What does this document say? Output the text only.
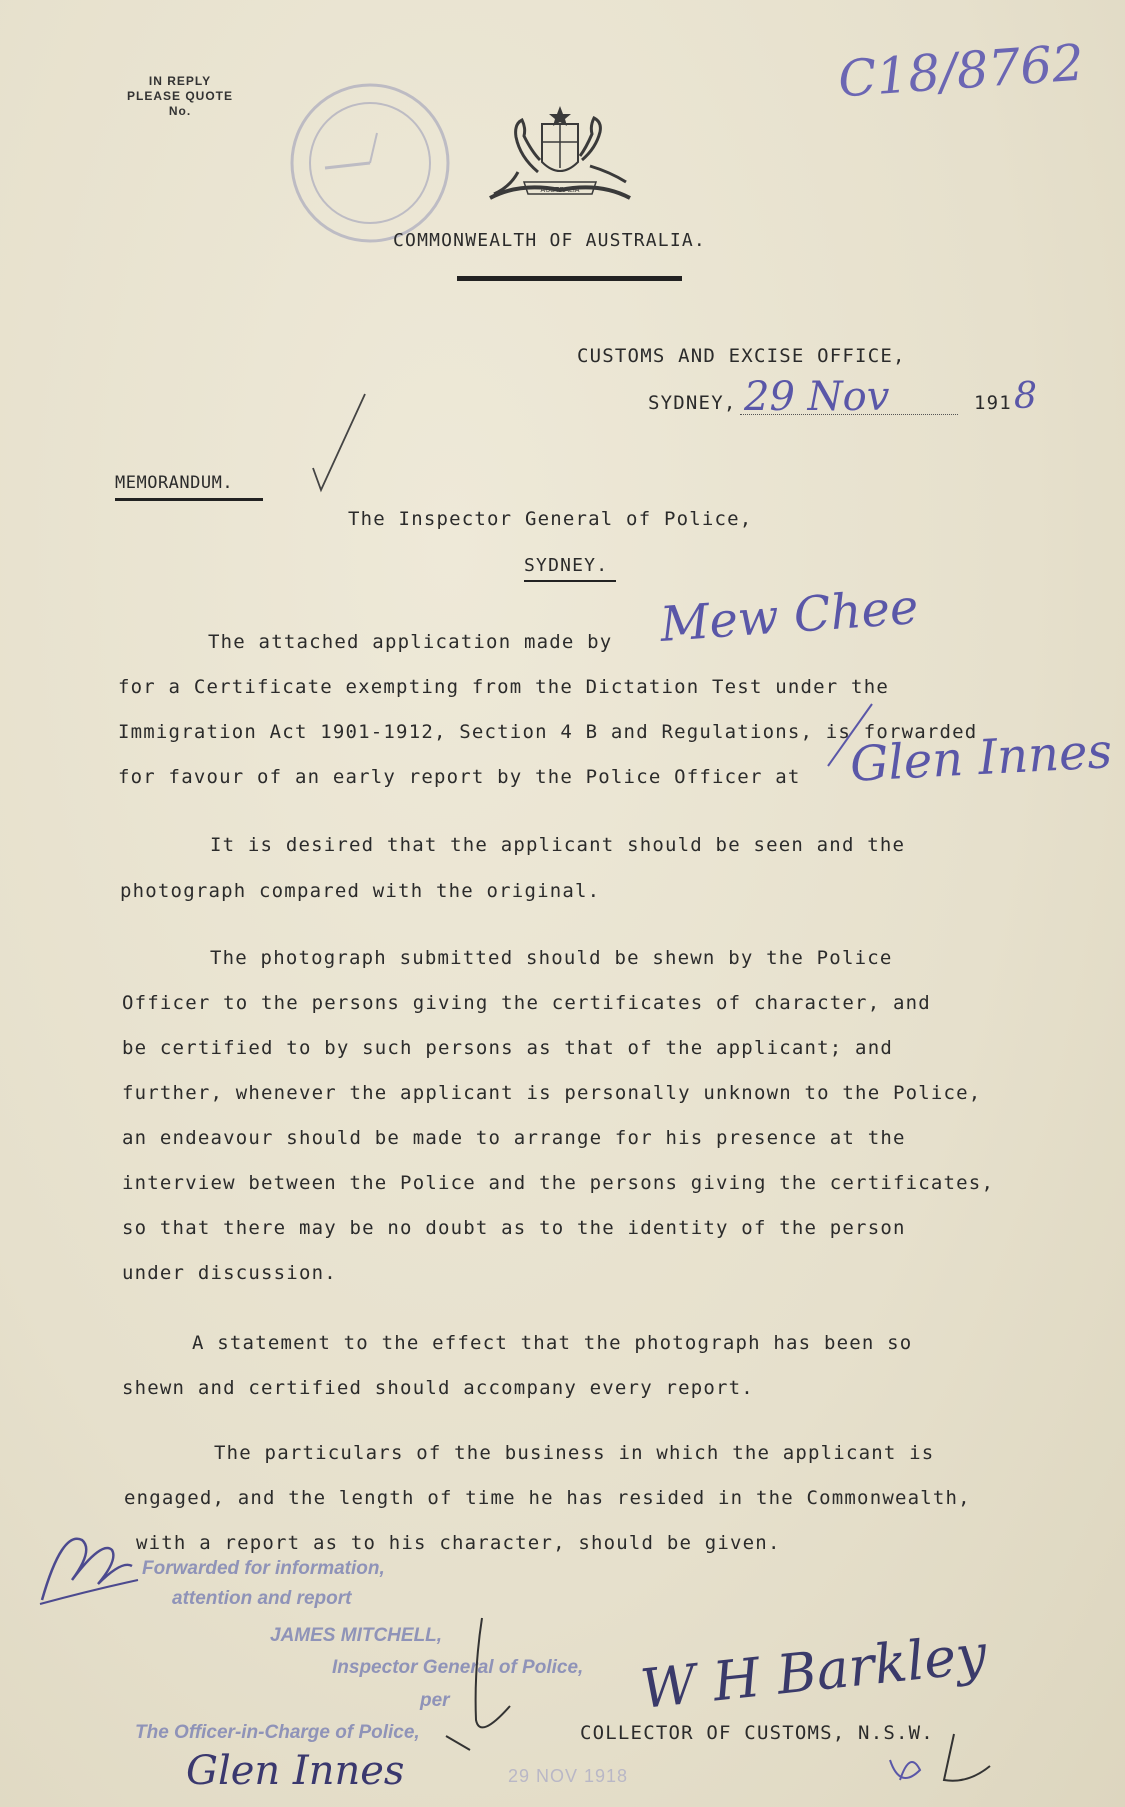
IN REPLY
PLEASE QUOTE
No.
C18/8762
AUSTRALIA
COMMONWEALTH OF AUSTRALIA.
CUSTOMS AND EXCISE OFFICE,
SYDNEY, 29 Nov	191 8
MEMORANDUM.
The Inspector General of Police,
SYDNEY.
The attached application made by Mew Chee
for a Certificate exempting from the Dictation Test under the
Immigration Act 1901-1912, Section 4 B and Regulations, is forwarded
for favour of an early report by the Police Officer at Glen Innes
It is desired that the applicant should be seen and the
photograph compared with the original.
The photograph submitted should be shewn by the Police
Officer to the persons giving the certificates of character, and
be certified to by such persons as that of the applicant; and
further, whenever the applicant is personally unknown to the Police,
an endeavour should be made to arrange for his presence at the
interview between the Police and the persons giving the certificates,
so that there may be no doubt as to the identity of the person
under discussion.
A statement to the effect that the photograph has been so
shewn and certified should accompany every report.
The particulars of the business in which the applicant is
engaged, and the length of time he has resided in the Commonwealth,
with a report as to his character, should be given.
Forwarded for information,
attention and report
JAMES MITCHELL,
Inspector General of Police,
per
The Officer-in-Charge of Police,
Glen Innes	29 NOV 1918
W H Barkley
COLLECTOR OF CUSTOMS, N.S.W.
